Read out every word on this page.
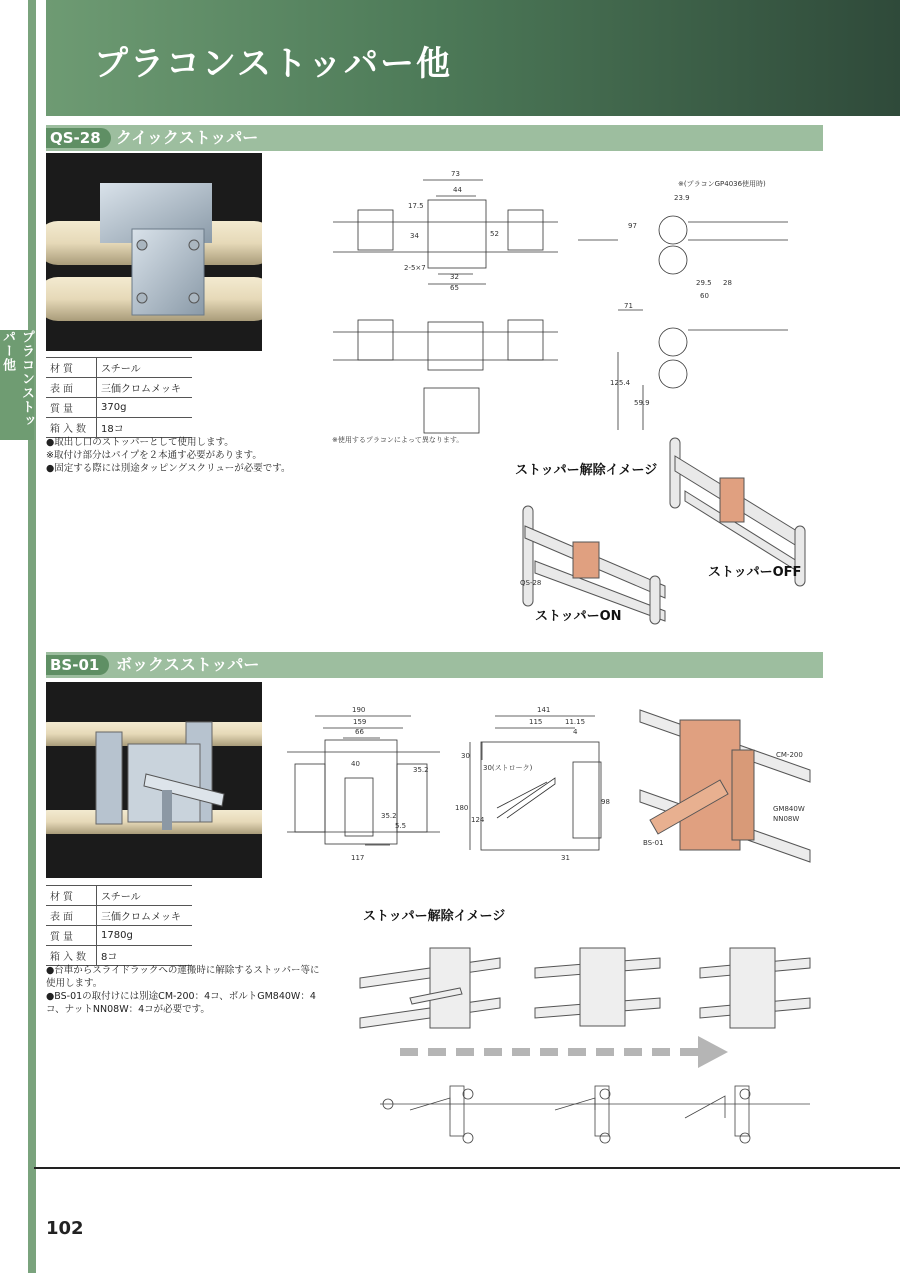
プラコンストッパー他
プラコンストッパー他
QS-28 クイックストッパー
材質	スチール
表面	三価クロムメッキ
質量	370g
箱入数	18コ

●取出し口のストッパーとして使用します。

※取付け部分はパイプを２本通す必要があります。

●固定する際には別途タッピングスクリューが必要です。

73
44
17.5
34	52
2-5×7
32
65
※(プラコンGP4036使用時)
23.9
97
29.5 28
60
71
125.4
59.9
※使用するプラコンによって異なります。
ストッパー解除イメージ
QS-28
ストッパーOFF
ストッパーON
BS-01	ボックスストッパー
材質	スチール
表面	三価クロムメッキ
質量	1780g
箱入数	8コ

●台車からスライドラックへの運搬時に解除するストッパー等に使用します。

●BS-01の取付けには別途CM-200：4コ、ボルトGM840W：4コ、ナットNN08W：4コが必要です。

190
159
66
40
35.2
35.2
5.5
117
141
115	11.15
4
30
30(ストローク)
180
124
98
31
CM-200
GM840W
NN08W
BS-01
ストッパー解除イメージ
102
